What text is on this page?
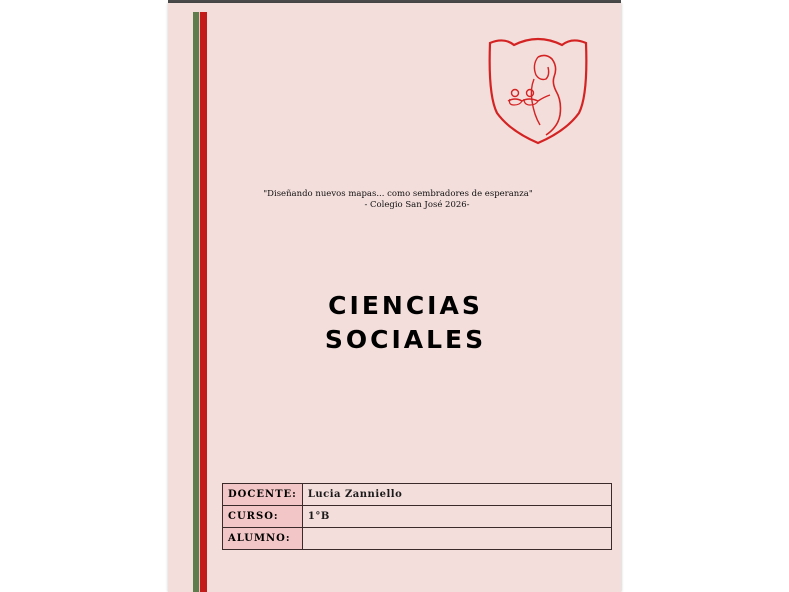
"Diseñando nuevos mapas... como sembradores de esperanza"
- Colegio San José 2026-
CIENCIAS
SOCIALES
DOCENTE:	Lucia Zanniello
CURSO:	1°B
ALUMNO:	
